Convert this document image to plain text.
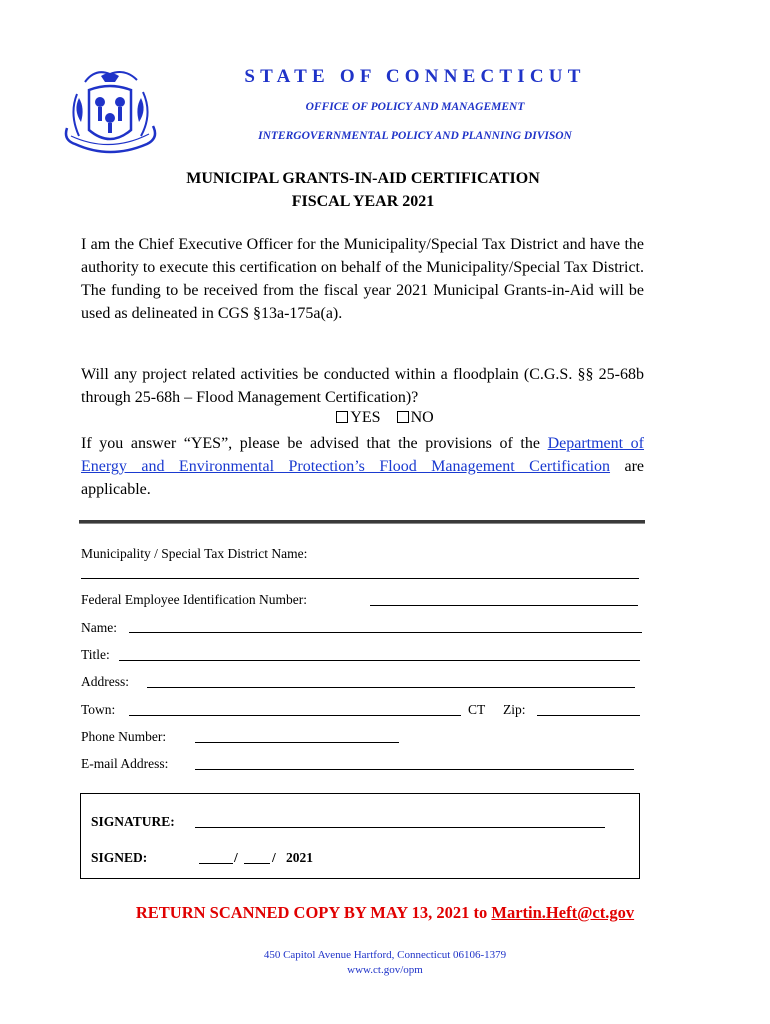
STATE OF CONNECTICUT
OFFICE OF POLICY AND MANAGEMENT
INTERGOVERNMENTAL POLICY AND PLANNING DIVISON
MUNICIPAL GRANTS-IN-AID CERTIFICATION
FISCAL YEAR 2021
I am the Chief Executive Officer for the Municipality/Special Tax District and have the authority to execute this certification on behalf of the Municipality/Special Tax District. The funding to be received from the fiscal year 2021 Municipal Grants-in-Aid will be used as delineated in CGS §13a-175a(a).
Will any project related activities be conducted within a floodplain (C.G.S. §§ 25-68b through 25-68h – Flood Management Certification)?
YES NO
If you answer “YES”, please be advised that the provisions of the Department of Energy and Environmental Protection’s Flood Management Certification are applicable.
Municipality / Special Tax District Name:
Federal Employee Identification Number:
Name:
Title:
Address:
Town:	CT Zip:
Phone Number:
E-mail Address:
SIGNATURE:
SIGNED:	/	/ 2021
RETURN SCANNED COPY BY MAY 13, 2021 to Martin.Heft@ct.gov
450 Capitol Avenue Hartford, Connecticut 06106-1379
www.ct.gov/opm
